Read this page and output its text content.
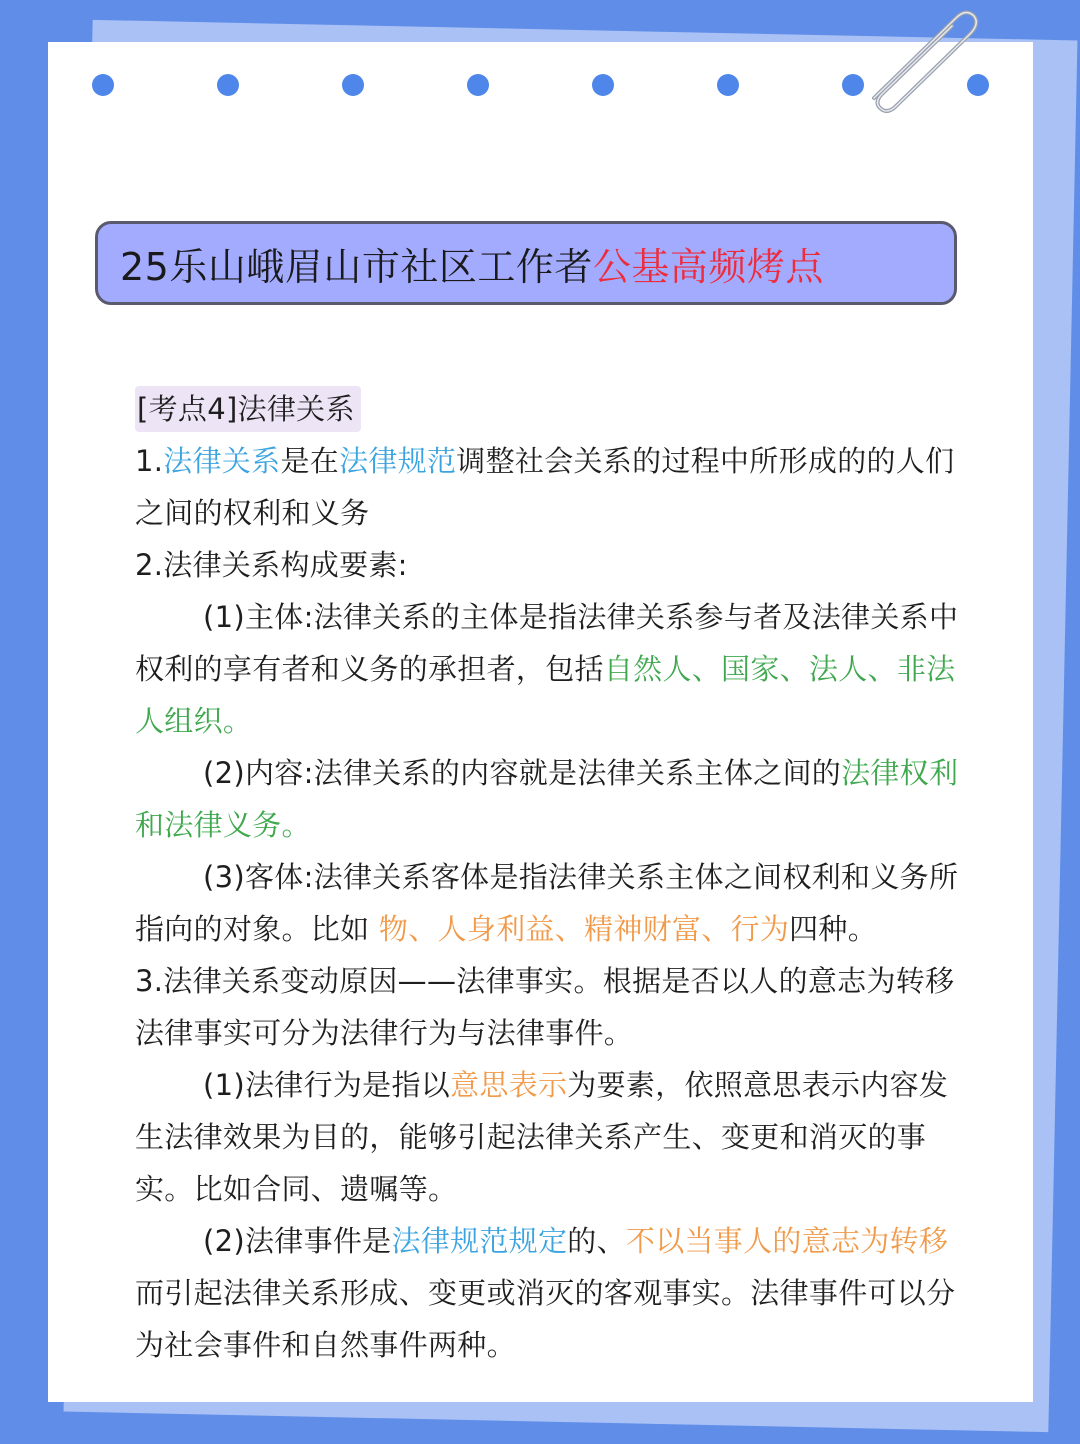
25乐山峨眉山市社区工作者 公基高频烤点
[考点4]法律关系

1.法律关系是在法律规范调整社会关系的过程中所形成的的人们之间的权利和义务

2.法律关系构成要素:

(1)主体:法律关系的主体是指法律关系参与者及法律关系中权利的享有者和义务的承担者，包括自然人、国家、法人、非法人组织。

(2)内容:法律关系的内容就是法律关系主体之间的法律权利和法律义务。

(3)客体:法律关系客体是指法律关系主体之间权利和义务所指向的对象。比如 物、人身利益、精神财富、行为四种。

3.法律关系变动原因——法律事实。根据是否以人的意志为转移法律事实可分为法律行为与法律事件。

(1)法律行为是指以意思表示为要素，依照意思表示内容发生法律效果为目的，能够引起法律关系产生、变更和消灭的事实。比如合同、遗嘱等。

(2)法律事件是法律规范规定的、不以当事人的意志为转移而引起法律关系形成、变更或消灭的客观事实。法律事件可以分为社会事件和自然事件两种。
